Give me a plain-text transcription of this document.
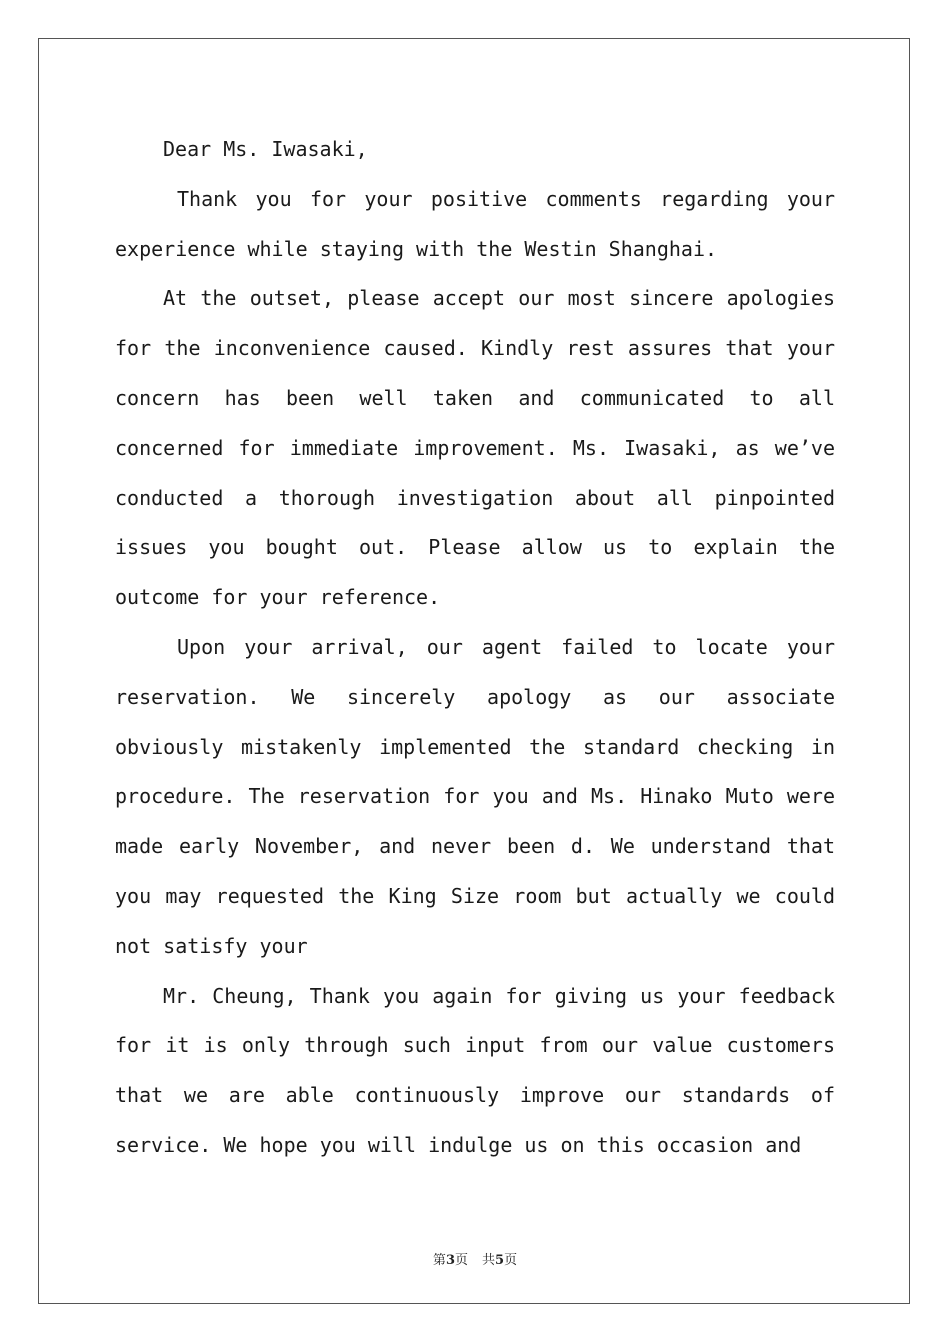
Dear Ms. Iwasaki,

Thank you for your positive comments regarding your experience while staying with the Westin Shanghai.

At the outset, please accept our most sincere apologies for the inconvenience caused. Kindly rest assures that your concern has been well taken and communicated to all concerned for immediate improvement. Ms. Iwasaki, as we’ve conducted a thorough investigation about all pinpointed issues you bought out. Please allow us to explain the outcome for your reference.

Upon your arrival, our agent failed to locate your reservation. We sincerely apology as our associate obviously mistakenly implemented the standard checking in procedure. The reservation for you and Ms. Hinako Muto were made early November, and never been d. We understand that you may requested the King Size room but actually we could not satisfy your

Mr. Cheung, Thank you again for giving us your feedback for it is only through such input from our value customers that we are able continuously improve our standards of service. We hope you will indulge us on this occasion and

第3页 共5页
